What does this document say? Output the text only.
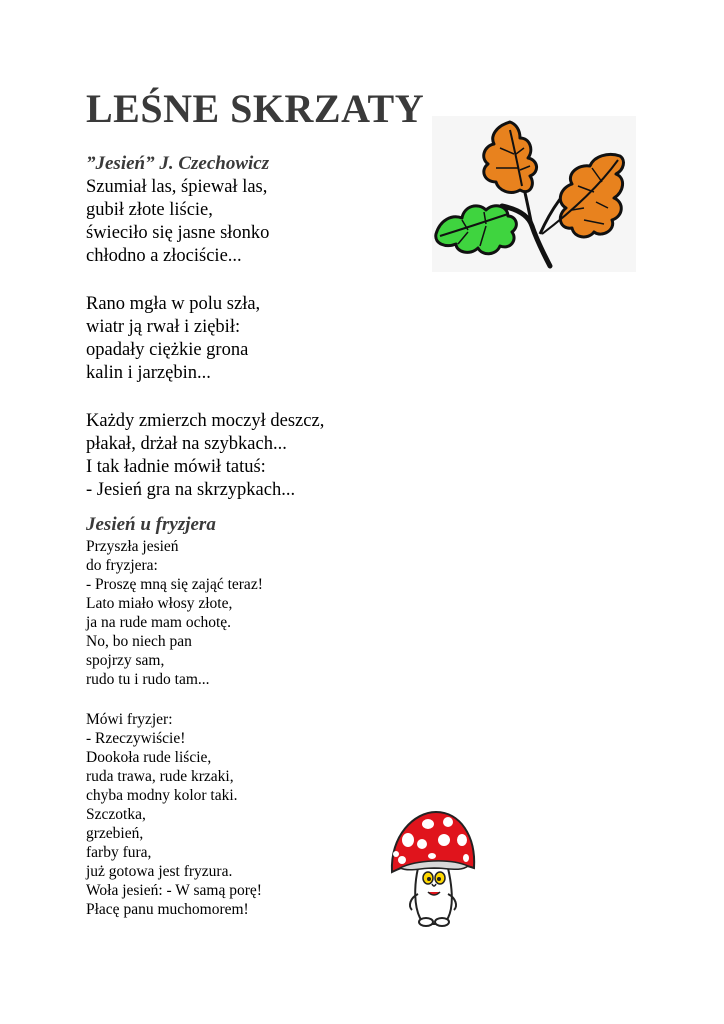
LEŚNE SKRZATY
”Jesień” J. Czechowicz
Szumiał las, śpiewał las,
gubił złote liście,
świeciło się jasne słonko
chłodno a złociście...
Rano mgła w polu szła,
wiatr ją rwał i ziębił:
opadały ciężkie grona
kalin i jarzębin...
Każdy zmierzch moczył deszcz,
płakał, drżał na szybkach...
I tak ładnie mówił tatuś:
- Jesień gra na skrzypkach...
Jesień u fryzjera
Przyszła jesień
do fryzjera:
- Proszę mną się zająć teraz!
Lato miało włosy złote,
ja na rude mam ochotę.
No, bo niech pan
spojrzy sam,
rudo tu i rudo tam...
Mówi fryzjer:
- Rzeczywiście!
Dookoła rude liście,
ruda trawa, rude krzaki,
chyba modny kolor taki.
Szczotka,
grzebień,
farby fura,
już gotowa jest fryzura.
Woła jesień: - W samą porę!
Płacę panu muchomorem!
